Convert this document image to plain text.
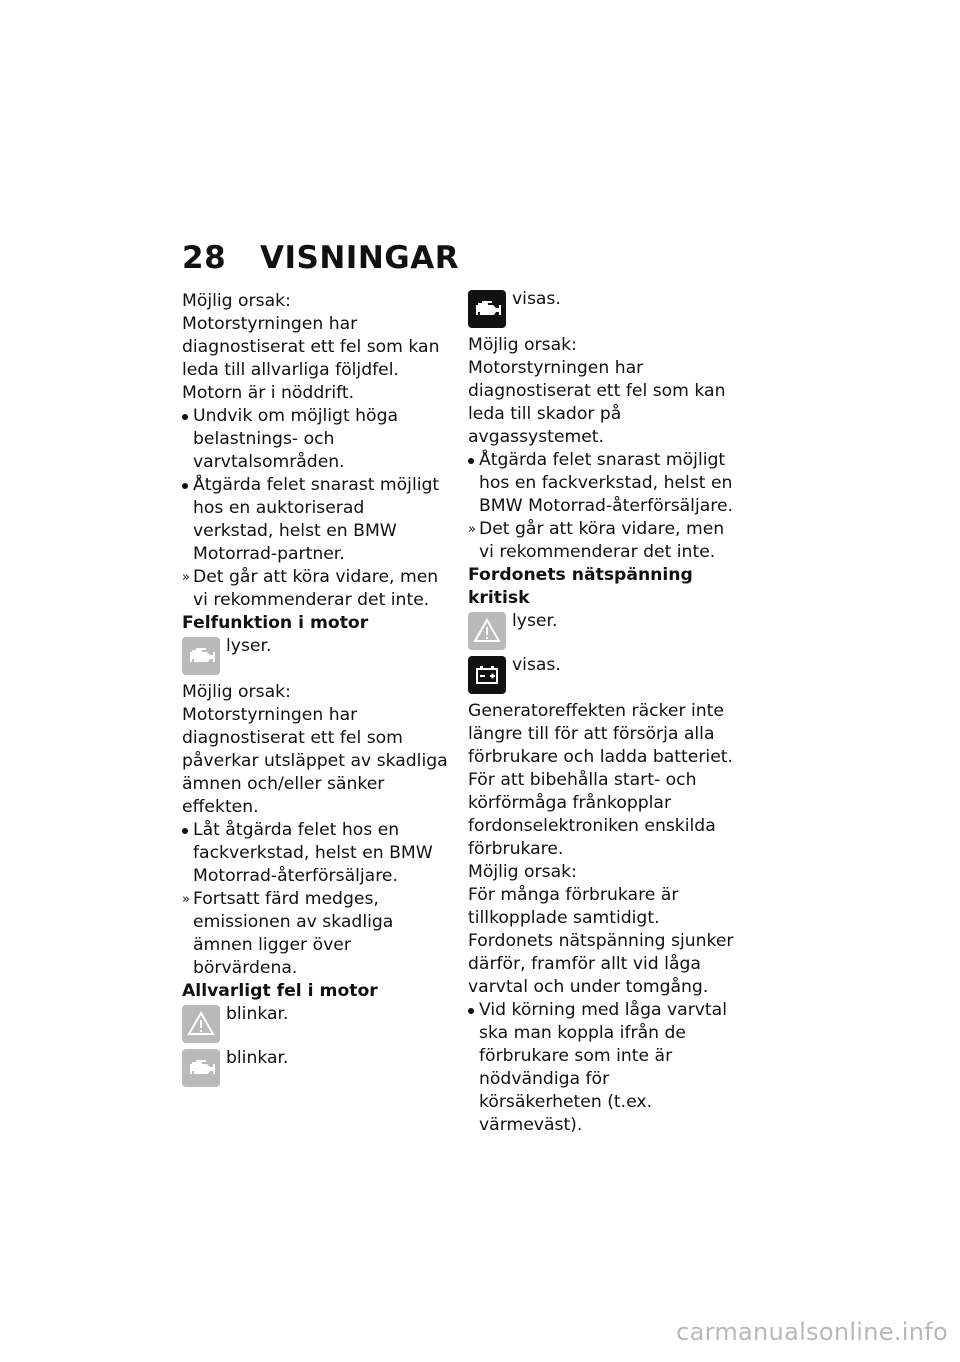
28	VISNINGAR

Möjlig orsak:

Motorstyrningen har diagnostiserat ett fel som kan leda till allvarliga följdfel. Motorn är i nöddrift.

Undvik om möjligt höga belastnings- och varvtalsområden.
Åtgärda felet snarast möjligt hos en auktoriserad verkstad, helst en BMW Motorrad-partner.
» Det går att köra vidare, men vi rekommenderar det inte.

Felfunktion i motor

lyser.

Möjlig orsak:

Motorstyrningen har diagnostiserat ett fel som påverkar utsläppet av skadliga ämnen och/eller sänker effekten.

Låt åtgärda felet hos en fackverkstad, helst en BMW Motorrad-återförsäljare.
» Fortsatt färd medges, emissionen av skadliga ämnen ligger över börvärdena.

Allvarligt fel i motor

blinkar.
blinkar.
visas.

Möjlig orsak:

Motorstyrningen har diagnostiserat ett fel som kan leda till skador på avgassystemet.

Åtgärda felet snarast möjligt hos en fackverkstad, helst en BMW Motorrad-återförsäljare.
» Det går att köra vidare, men vi rekommenderar det inte.

Fordonets nätspänning kritisk

lyser.
visas.

Generatoreffekten räcker inte längre till för att försörja alla förbrukare och ladda batteriet. För att bibehålla start- och körförmåga frånkopplar fordonselektroniken enskilda förbrukare.

Möjlig orsak:

För många förbrukare är tillkopplade samtidigt. Fordonets nätspänning sjunker därför, framför allt vid låga varvtal och under tomgång.

Vid körning med låga varvtal ska man koppla ifrån de förbrukare som inte är nödvändiga för körsäkerheten (t.ex. värmeväst).
carmanualsonline.info
